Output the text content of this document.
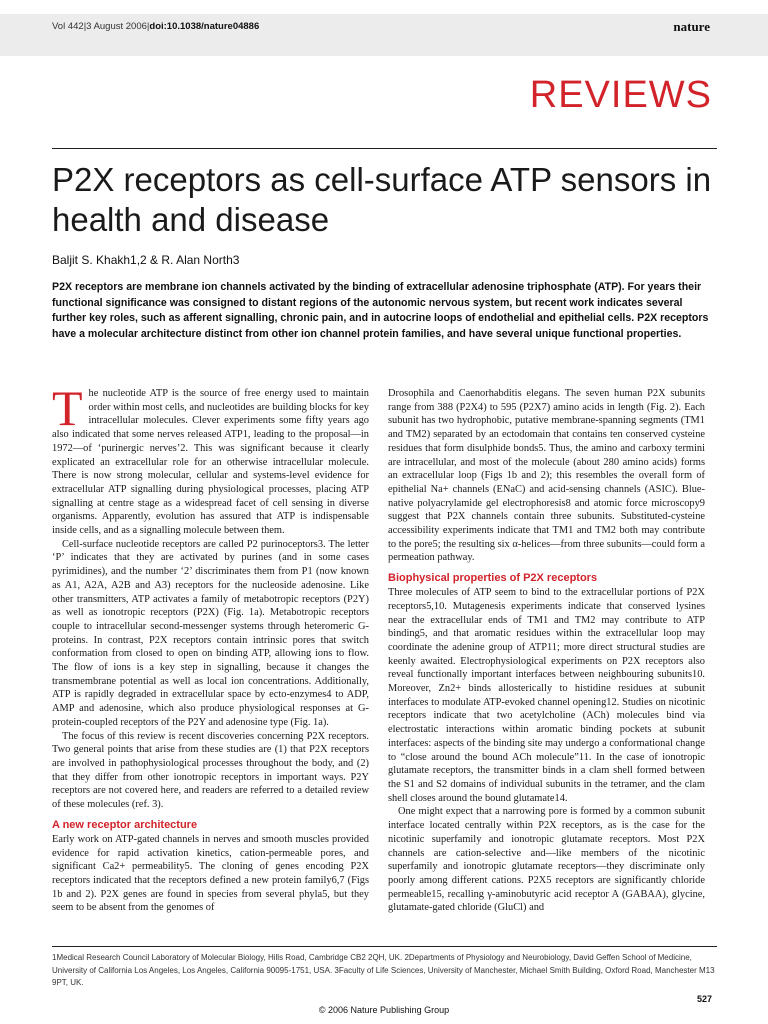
Vol 442|3 August 2006|doi:10.1038/nature04886	nature
REVIEWS
P2X receptors as cell-surface ATP sensors in health and disease
Baljit S. Khakh1,2 & R. Alan North3

P2X receptors are membrane ion channels activated by the binding of extracellular adenosine triphosphate (ATP). For years their functional significance was consigned to distant regions of the autonomic nervous system, but recent work indicates several further key roles, such as afferent signalling, chronic pain, and in autocrine loops of endothelial and epithelial cells. P2X receptors have a molecular architecture distinct from other ion channel protein families, and have several unique functional properties.

T he nucleotide ATP is the source of free energy used to maintain order within most cells, and nucleotides are building blocks for key intracellular molecules. Clever experiments some fifty years ago also indicated that some nerves released ATP1, leading to the proposal—in 1972—of ‘purinergic nerves’2. This was significant because it clearly explicated an extracellular role for an otherwise intracellular molecule. There is now strong molecular, cellular and systems-level evidence for extracellular ATP signalling during physiological processes, placing ATP signalling at centre stage as a widespread facet of cell sensing in diverse organisms. Apparently, evolution has assured that ATP is indispensable inside cells, and as a signalling molecule between them.

Cell-surface nucleotide receptors are called P2 purinoceptors3. The letter ‘P’ indicates that they are activated by purines (and in some cases pyrimidines), and the number ‘2’ discriminates them from P1 (now known as A1, A2A, A2B and A3) receptors for the nucleoside adenosine. Like other transmitters, ATP activates a family of metabotropic receptors (P2Y) as well as ionotropic receptors (P2X) (Fig. 1a). Metabotropic receptors couple to intracellular second-messenger systems through heteromeric G-proteins. In contrast, P2X receptors contain intrinsic pores that switch conformation from closed to open on binding ATP, allowing ions to flow. The flow of ions is a key step in signalling, because it changes the transmembrane potential as well as local ion concentrations. Additionally, ATP is rapidly degraded in extracellular space by ecto-enzymes4 to ADP, AMP and adenosine, which also produce physiological responses at G-protein-coupled receptors of the P2Y and adenosine type (Fig. 1a).

The focus of this review is recent discoveries concerning P2X receptors. Two general points that arise from these studies are (1) that P2X receptors are involved in pathophysiological processes throughout the body, and (2) that they differ from other ionotropic receptors in important ways. P2Y receptors are not covered here, and readers are referred to a detailed review of these molecules (ref. 3).

A new receptor architecture

Early work on ATP-gated channels in nerves and smooth muscles provided evidence for rapid activation kinetics, cation-permeable pores, and significant Ca2+ permeability5. The cloning of genes encoding P2X receptors indicated that the receptors defined a new protein family6,7 (Figs 1b and 2). P2X genes are found in species from several phyla5, but they seem to be absent from the genomes of

Drosophila and Caenorhabditis elegans. The seven human P2X subunits range from 388 (P2X4) to 595 (P2X7) amino acids in length (Fig. 2). Each subunit has two hydrophobic, putative membrane-spanning segments (TM1 and TM2) separated by an ectodomain that contains ten conserved cysteine residues that form disulphide bonds5. Thus, the amino and carboxy termini are intracellular, and most of the molecule (about 280 amino acids) forms an extracellular loop (Figs 1b and 2); this resembles the overall form of epithelial Na+ channels (ENaC) and acid-sensing channels (ASIC). Blue-native polyacrylamide gel electrophoresis8 and atomic force microscopy9 suggest that P2X channels contain three subunits. Substituted-cysteine accessibility experiments indicate that TM1 and TM2 both may contribute to the pore5; the resulting six α-helices—from three subunits—could form a permeation pathway.

Biophysical properties of P2X receptors

Three molecules of ATP seem to bind to the extracellular portions of P2X receptors5,10. Mutagenesis experiments indicate that conserved lysines near the extracellular ends of TM1 and TM2 may contribute to ATP binding5, and that aromatic residues within the extracellular loop may coordinate the adenine group of ATP11; more direct structural studies are keenly awaited. Electrophysiological experiments on P2X receptors also reveal functionally important interfaces between neighbouring subunits10. Moreover, Zn2+ binds allosterically to histidine residues at subunit interfaces to modulate ATP-evoked channel opening12. Studies on nicotinic receptors indicate that two acetylcholine (ACh) molecules bind via electrostatic interactions within aromatic binding pockets at subunit interfaces: aspects of the binding site may undergo a conformational change to “close around the bound ACh molecule”11. In the case of ionotropic glutamate receptors, the transmitter binds in a clam shell formed between the S1 and S2 domains of individual subunits in the tetramer, and the clam shell closes around the bound glutamate14.

One might expect that a narrowing pore is formed by a common subunit interface located centrally within P2X receptors, as is the case for the nicotinic superfamily and ionotropic glutamate receptors. Most P2X channels are cation-selective and—like members of the nicotinic superfamily and ionotropic glutamate receptors—they discriminate only poorly among different cations. P2X5 receptors are significantly chloride permeable15, recalling γ-aminobutyric acid receptor A (GABAA), glycine, glutamate-gated chloride (GluCl) and

1Medical Research Council Laboratory of Molecular Biology, Hills Road, Cambridge CB2 2QH, UK. 2Departments of Physiology and Neurobiology, David Geffen School of Medicine, University of California Los Angeles, Los Angeles, California 90095-1751, USA. 3Faculty of Life Sciences, University of Manchester, Michael Smith Building, Oxford Road, Manchester M13 9PT, UK.
527
© 2006 Nature Publishing Group
